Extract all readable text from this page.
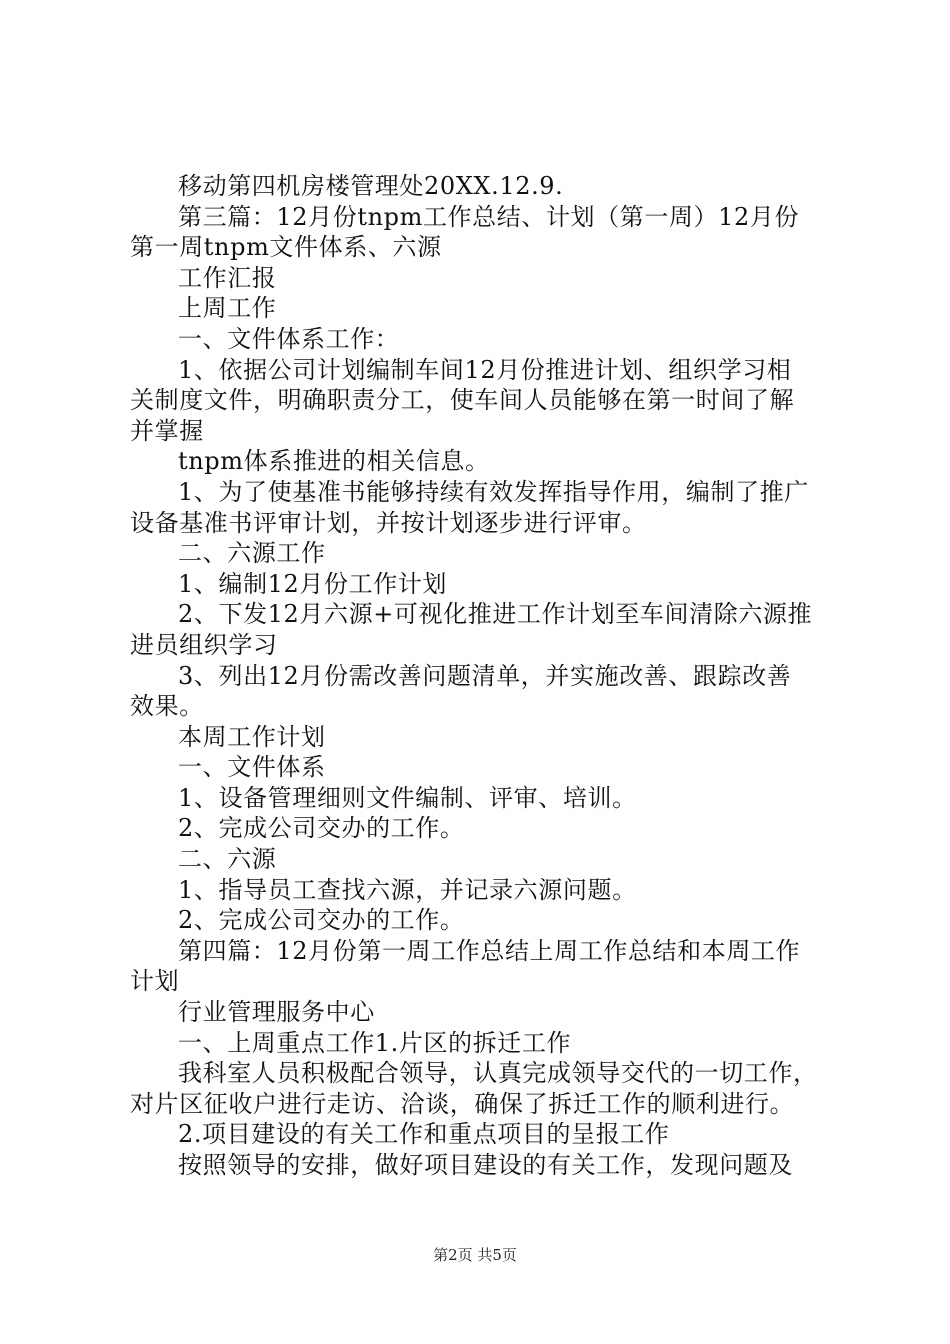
移动第四机房楼管理处20XX.12.9.
第三篇：12月份tnpm工作总结、计划（第一周）12月份
第一周tnpm文件体系、六源
工作汇报
上周工作
一、文件体系工作：
1、依据公司计划编制车间12月份推进计划、组织学习相
关制度文件，明确职责分工，使车间人员能够在第一时间了解
并掌握
tnpm体系推进的相关信息。
1、为了使基准书能够持续有效发挥指导作用，编制了推广
设备基准书评审计划，并按计划逐步进行评审。
二、六源工作
1、编制12月份工作计划
2、下发12月六源+可视化推进工作计划至车间清除六源推
进员组织学习
3、列出12月份需改善问题清单，并实施改善、跟踪改善
效果。
本周工作计划
一、文件体系
1、设备管理细则文件编制、评审、培训。
2、完成公司交办的工作。
二、六源
1、指导员工查找六源，并记录六源问题。
2、完成公司交办的工作。
第四篇：12月份第一周工作总结上周工作总结和本周工作
计划
行业管理服务中心
一、上周重点工作1.片区的拆迁工作
我科室人员积极配合领导，认真完成领导交代的一切工作，
对片区征收户进行走访、洽谈，确保了拆迁工作的顺利进行。
2.项目建设的有关工作和重点项目的呈报工作
按照领导的安排，做好项目建设的有关工作，发现问题及
第2页 共5页
